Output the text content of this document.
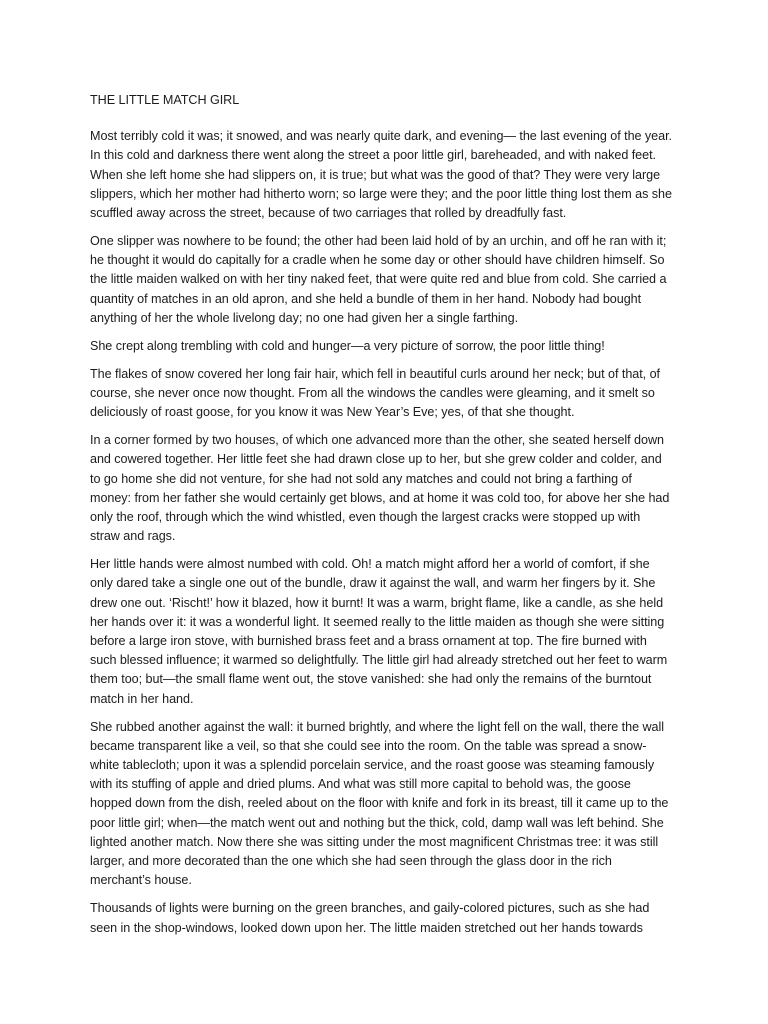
THE LITTLE MATCH GIRL

Most terribly cold it was; it snowed, and was nearly quite dark, and evening— the last evening of the year. In this cold and darkness there went along the street a poor little girl, bareheaded, and with naked feet. When she left home she had slippers on, it is true; but what was the good of that? They were very large slippers, which her mother had hitherto worn; so large were they; and the poor little thing lost them as she scuffled away across the street, because of two carriages that rolled by dreadfully fast.

One slipper was nowhere to be found; the other had been laid hold of by an urchin, and off he ran with it; he thought it would do capitally for a cradle when he some day or other should have children himself. So the little maiden walked on with her tiny naked feet, that were quite red and blue from cold. She carried a quantity of matches in an old apron, and she held a bundle of them in her hand. Nobody had bought anything of her the whole livelong day; no one had given her a single farthing.

She crept along trembling with cold and hunger—a very picture of sorrow, the poor little thing!

The flakes of snow covered her long fair hair, which fell in beautiful curls around her neck; but of that, of course, she never once now thought. From all the windows the candles were gleaming, and it smelt so deliciously of roast goose, for you know it was New Year’s Eve; yes, of that she thought.

In a corner formed by two houses, of which one advanced more than the other, she seated herself down and cowered together. Her little feet she had drawn close up to her, but she grew colder and colder, and to go home she did not venture, for she had not sold any matches and could not bring a farthing of money: from her father she would certainly get blows, and at home it was cold too, for above her she had only the roof, through which the wind whistled, even though the largest cracks were stopped up with straw and rags.

Her little hands were almost numbed with cold. Oh! a match might afford her a world of comfort, if she only dared take a single one out of the bundle, draw it against the wall, and warm her fingers by it. She drew one out. ‘Rischt!’ how it blazed, how it burnt! It was a warm, bright flame, like a candle, as she held her hands over it: it was a wonderful light. It seemed really to the little maiden as though she were sitting before a large iron stove, with burnished brass feet and a brass ornament at top. The fire burned with such blessed influence; it warmed so delightfully. The little girl had already stretched out her feet to warm them too; but—the small flame went out, the stove vanished: she had only the remains of the burntout match in her hand.

She rubbed another against the wall: it burned brightly, and where the light fell on the wall, there the wall became transparent like a veil, so that she could see into the room. On the table was spread a snow-white tablecloth; upon it was a splendid porcelain service, and the roast goose was steaming famously with its stuffing of apple and dried plums. And what was still more capital to behold was, the goose hopped down from the dish, reeled about on the floor with knife and fork in its breast, till it came up to the poor little girl; when—the match went out and nothing but the thick, cold, damp wall was left behind. She lighted another match. Now there she was sitting under the most magnificent Christmas tree: it was still larger, and more decorated than the one which she had seen through the glass door in the rich merchant’s house.

Thousands of lights were burning on the green branches, and gaily-colored pictures, such as she had seen in the shop-windows, looked down upon her. The little maiden stretched out her hands towards
